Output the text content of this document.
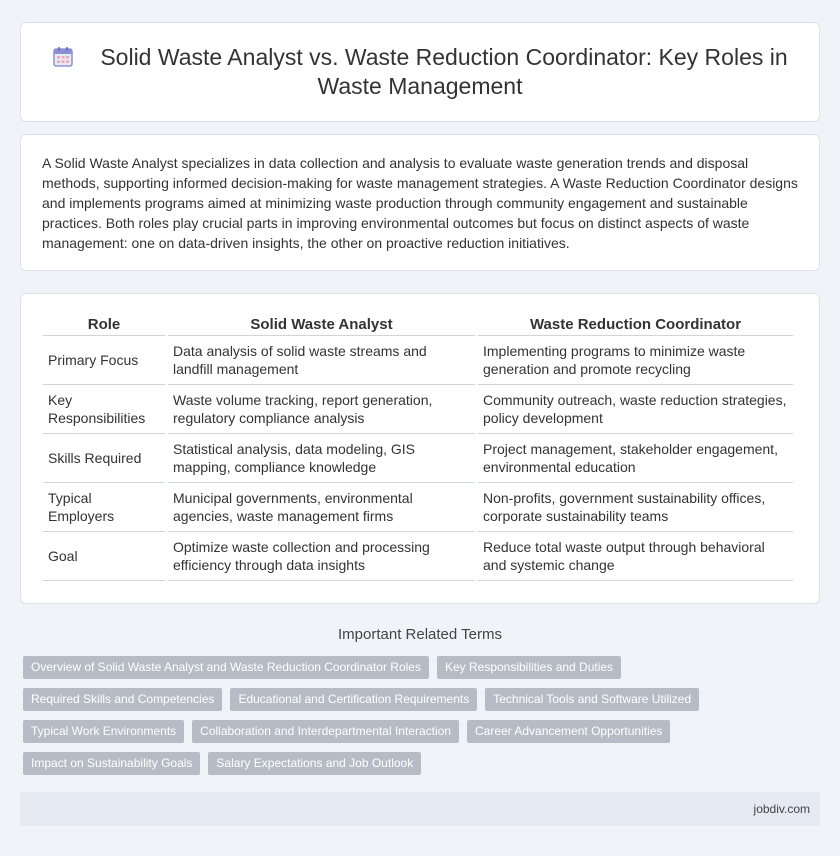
Solid Waste Analyst vs. Waste Reduction Coordinator: Key Roles in Waste Management

A Solid Waste Analyst specializes in data collection and analysis to evaluate waste generation trends and disposal methods, supporting informed decision-making for waste management strategies. A Waste Reduction Coordinator designs and implements programs aimed at minimizing waste production through community engagement and sustainable practices. Both roles play crucial parts in improving environmental outcomes but focus on distinct aspects of waste management: one on data-driven insights, the other on proactive reduction initiatives.

Role	Solid Waste Analyst	Waste Reduction Coordinator
Primary Focus	Data analysis of solid waste streams and landfill management	Implementing programs to minimize waste generation and promote recycling
Key Responsibilities	Waste volume tracking, report generation, regulatory compliance analysis	Community outreach, waste reduction strategies, policy development
Skills Required	Statistical analysis, data modeling, GIS mapping, compliance knowledge	Project management, stakeholder engagement, environmental education
Typical Employers	Municipal governments, environmental agencies, waste management firms	Non-profits, government sustainability offices, corporate sustainability teams
Goal	Optimize waste collection and processing efficiency through data insights	Reduce total waste output through behavioral and systemic change
Important Related Terms
Overview of Solid Waste Analyst and Waste Reduction Coordinator Roles	Key Responsibilities and Duties
Required Skills and Competencies	Educational and Certification Requirements	Technical Tools and Software Utilized
Typical Work Environments	Collaboration and Interdepartmental Interaction	Career Advancement Opportunities
Impact on Sustainability Goals	Salary Expectations and Job Outlook
jobdiv.com
